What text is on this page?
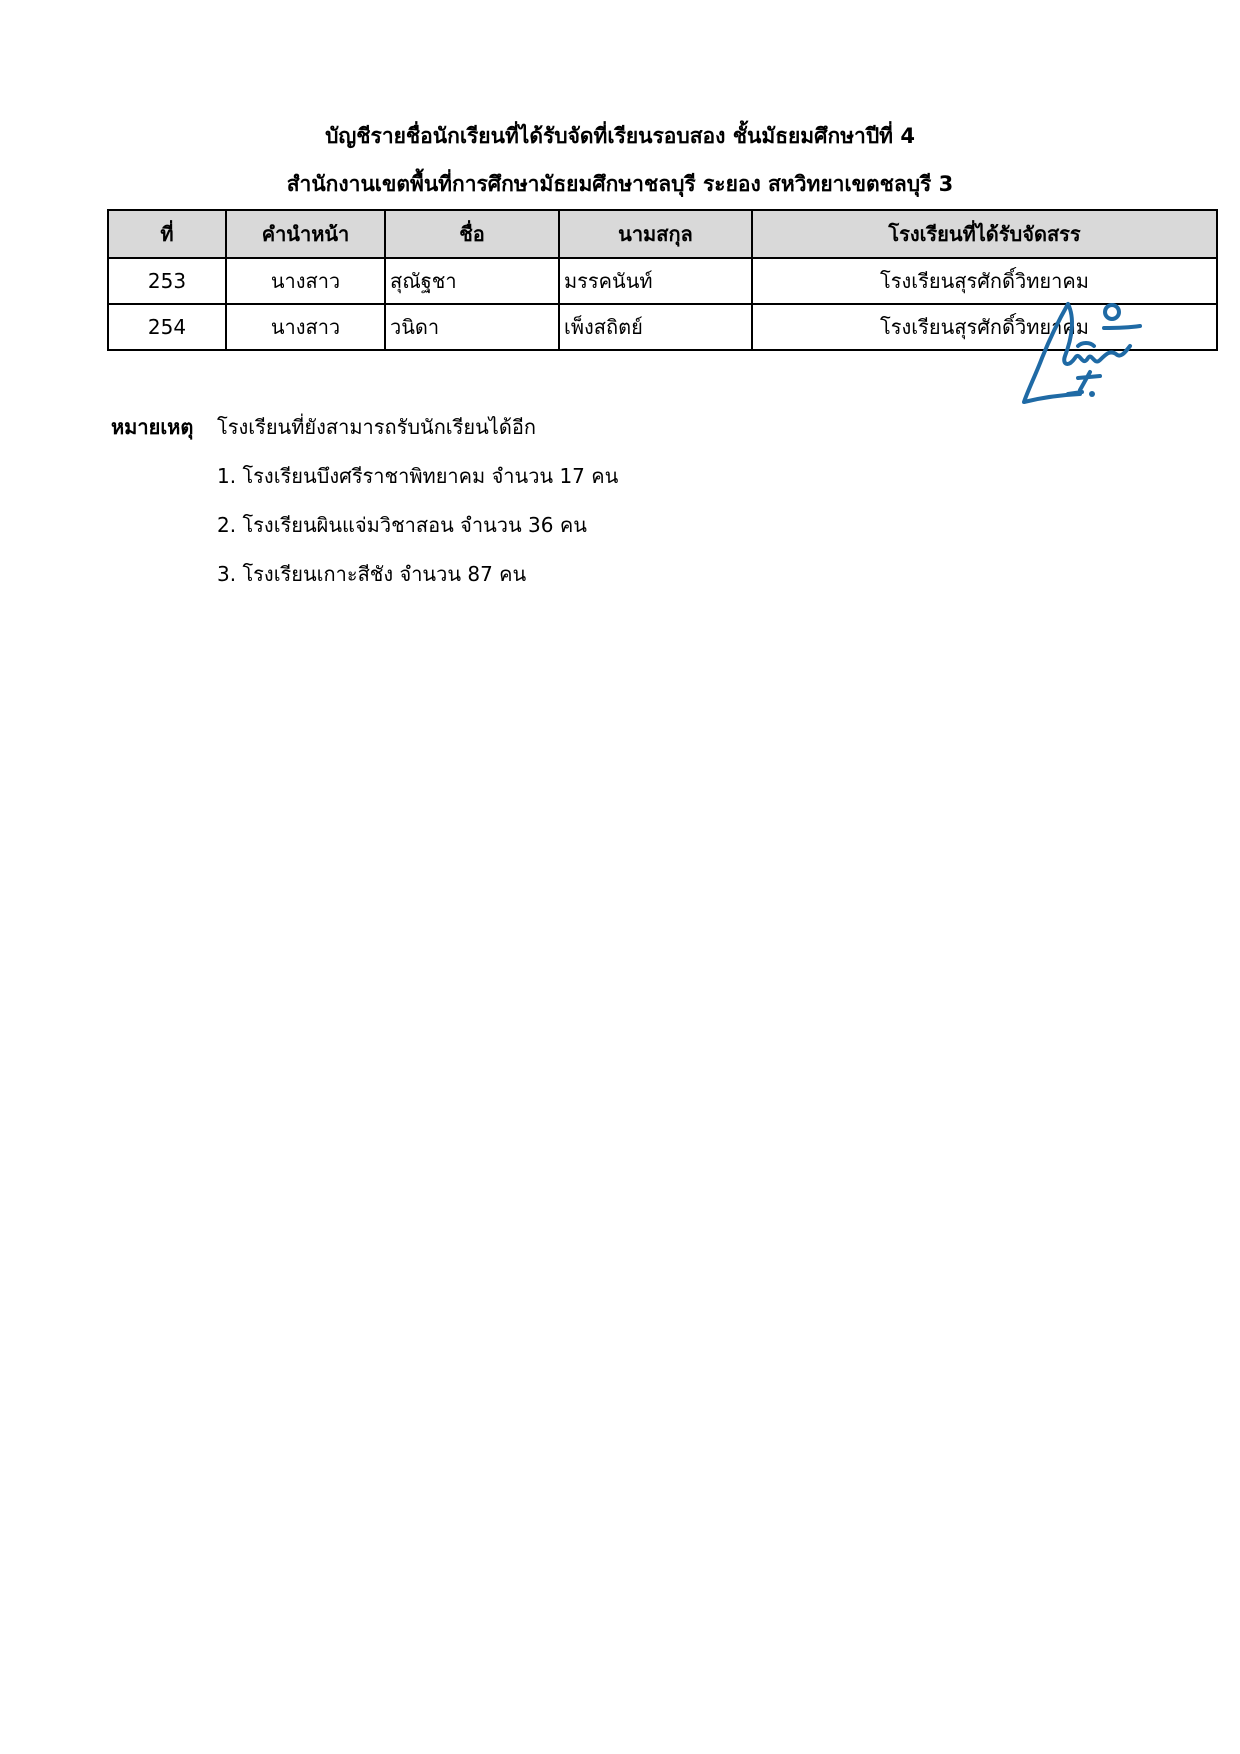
บัญชีรายชื่อนักเรียนที่ได้รับจัดที่เรียนรอบสอง ชั้นมัธยมศึกษาปีที่ 4
สำนักงานเขตพื้นที่การศึกษามัธยมศึกษาชลบุรี ระยอง สหวิทยาเขตชลบุรี 3
ที่	คำนำหน้า	ชื่อ	นามสกุล	โรงเรียนที่ได้รับจัดสรร
253	นางสาว	สุณัฐชา	มรรคนันท์	โรงเรียนสุรศักดิ์วิทยาคม
254	นางสาว	วนิดา	เพ็งสถิตย์	โรงเรียนสุรศักดิ์วิทยาคม
หมายเหตุ โรงเรียนที่ยังสามารถรับนักเรียนได้อีก
1. โรงเรียนบึงศรีราชาพิทยาคม จำนวน 17 คน
2. โรงเรียนผินแจ่มวิชาสอน จำนวน 36 คน
3. โรงเรียนเกาะสีชัง จำนวน 87 คน
